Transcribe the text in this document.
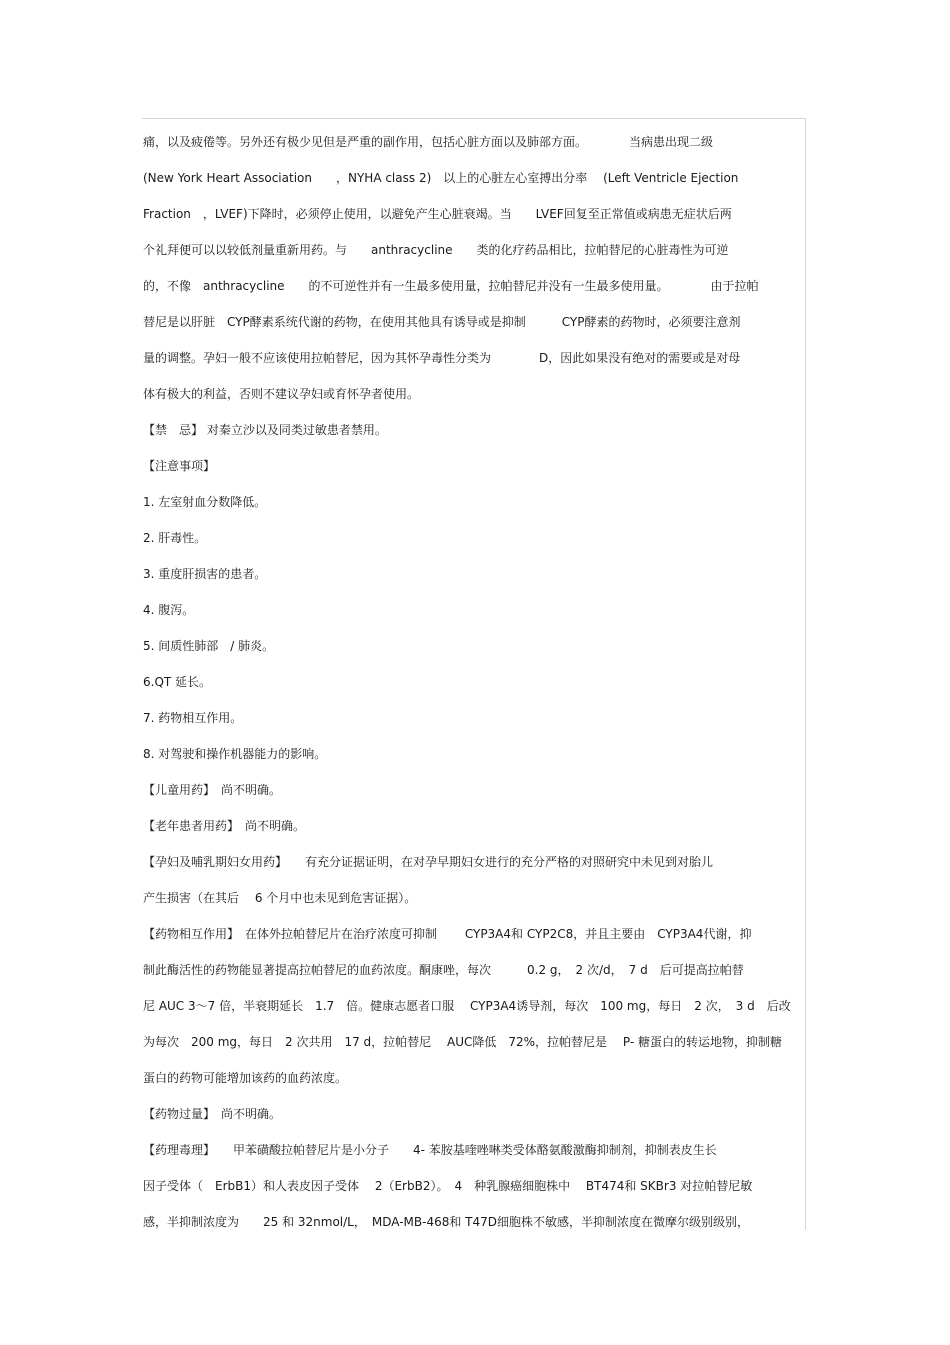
痛，以及疲倦等。另外还有极少见但是严重的副作用，包括心脏方面以及肺部方面。　　　　当病患出现二级
(New York Heart Association　　，NYHA class 2)　以上的心脏左心室搏出分率　 (Left Ventricle Ejection
Fraction　，LVEF)下降时，必须停止使用，以避免产生心脏衰竭。当　　LVEF回复至正常值或病患无症状后两
个礼拜便可以以较低剂量重新用药。与　　anthracycline　　类的化疗药品相比，拉帕替尼的心脏毒性为可逆
的，不像　anthracycline　　的不可逆性并有一生最多使用量，拉帕替尼并没有一生最多使用量。　　　　由于拉帕
替尼是以肝脏　CYP酵素系统代谢的药物，在使用其他具有诱导或是抑制　　　CYP酵素的药物时，必须要注意剂
量的调整。孕妇一般不应该使用拉帕替尼，因为其怀孕毒性分类为　　　　D，因此如果没有绝对的需要或是对母
体有极大的利益，否则不建议孕妇或育怀孕者使用。
【禁　忌】 对秦立沙以及同类过敏患者禁用。
【注意事项】
1. 左室射血分数降低。
2. 肝毒性。
3. 重度肝损害的患者。
4. 腹泻。
5. 间质性肺部　/ 肺炎。
6.QT 延长。
7. 药物相互作用。
8. 对驾驶和操作机器能力的影响。
【儿童用药】　尚不明确。
【老年患者用药】　尚不明确。
【孕妇及哺乳期妇女用药】　　有充分证据证明，在对孕早期妇女进行的充分严格的对照研究中未见到对胎儿
产生损害（在其后　 6 个月中也未见到危害证据）。
【药物相互作用】　在体外拉帕替尼片在治疗浓度可抑制　　 CYP3A4和 CYP2C8，并且主要由　CYP3A4代谢，抑
制此酶活性的药物能显著提高拉帕替尼的血药浓度。酮康唑，每次　　　0.2 g，　2 次/d，　7 d　后可提高拉帕替
尼 AUC 3～7 倍，半衰期延长　1.7　倍。健康志愿者口服　 CYP3A4诱导剂，每次　100 mg，每日　2 次，　3 d　后改
为每次　200 mg，每日　2 次共用　17 d，拉帕替尼　 AUC降低　72%，拉帕替尼是　 P- 糖蛋白的转运地物，抑制糖
蛋白的药物可能增加该药的血药浓度。
【药物过量】　尚不明确。
【药理毒理】　　甲苯磺酸拉帕替尼片是小分子　　4- 苯胺基喹唑啉类受体酪氨酸激酶抑制剂，抑制表皮生长
因子受体（　ErbB1）和人表皮因子受体　 2（ErbB2）。　4　种乳腺癌细胞株中　 BT474和 SKBr3 对拉帕替尼敏
感，半抑制浓度为　　25 和 32nmol/L，　MDA-MB-468和 T47D细胞株不敏感，半抑制浓度在微摩尔级别级别，
